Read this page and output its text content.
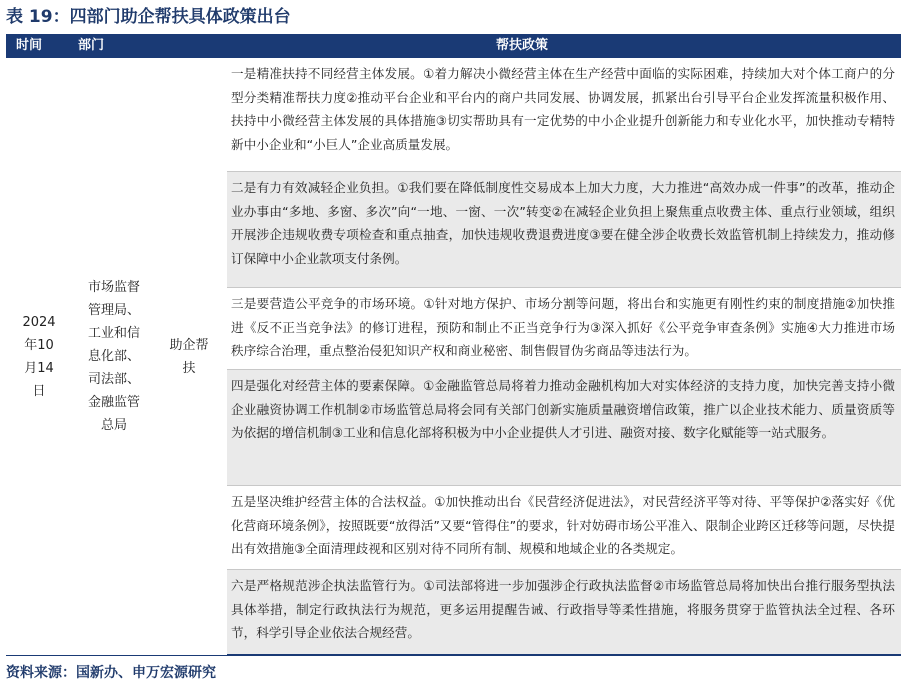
表 19：四部门助企帮扶具体政策出台
时间	部门	帮扶政策
2024年10月14日
市场监督管理局、工业和信息化部、司法部、金融监管总局
助企帮扶
一是精准扶持不同经营主体发展。①着力解决小微经营主体在生产经营中面临的实际困难，持续加大对个体工商户的分型分类精准帮扶力度②推动平台企业和平台内的商户共同发展、协调发展，抓紧出台引导平台企业发挥流量积极作用、扶持中小微经营主体发展的具体措施③切实帮助具有一定优势的中小企业提升创新能力和专业化水平，加快推动专精特新中小企业和“小巨人”企业高质量发展。
二是有力有效减轻企业负担。①我们要在降低制度性交易成本上加大力度，大力推进“高效办成一件事”的改革，推动企业办事由“多地、多窗、多次”向“一地、一窗、一次”转变②在减轻企业负担上聚焦重点收费主体、重点行业领域，组织开展涉企违规收费专项检查和重点抽查，加快违规收费退费进度③要在健全涉企收费长效监管机制上持续发力，推动修订保障中小企业款项支付条例。
三是要营造公平竞争的市场环境。①针对地方保护、市场分割等问题，将出台和实施更有刚性约束的制度措施②加快推进《反不正当竞争法》的修订进程，预防和制止不正当竞争行为③深入抓好《公平竞争审查条例》实施④大力推进市场秩序综合治理，重点整治侵犯知识产权和商业秘密、制售假冒伪劣商品等违法行为。
四是强化对经营主体的要素保障。①金融监管总局将着力推动金融机构加大对实体经济的支持力度，加快完善支持小微企业融资协调工作机制②市场监管总局将会同有关部门创新实施质量融资增信政策，推广以企业技术能力、质量资质等为依据的增信机制③工业和信息化部将积极为中小企业提供人才引进、融资对接、数字化赋能等一站式服务。
五是坚决维护经营主体的合法权益。①加快推动出台《民营经济促进法》，对民营经济平等对待、平等保护②落实好《优化营商环境条例》，按照既要“放得活”又要“管得住”的要求，针对妨碍市场公平准入、限制企业跨区迁移等问题，尽快提出有效措施③全面清理歧视和区别对待不同所有制、规模和地域企业的各类规定。
六是严格规范涉企执法监管行为。①司法部将进一步加强涉企行政执法监督②市场监管总局将加快出台推行服务型执法具体举措，制定行政执法行为规范，更多运用提醒告诫、行政指导等柔性措施，将服务贯穿于监管执法全过程、各环节，科学引导企业依法合规经营。
资料来源：国新办、申万宏源研究
